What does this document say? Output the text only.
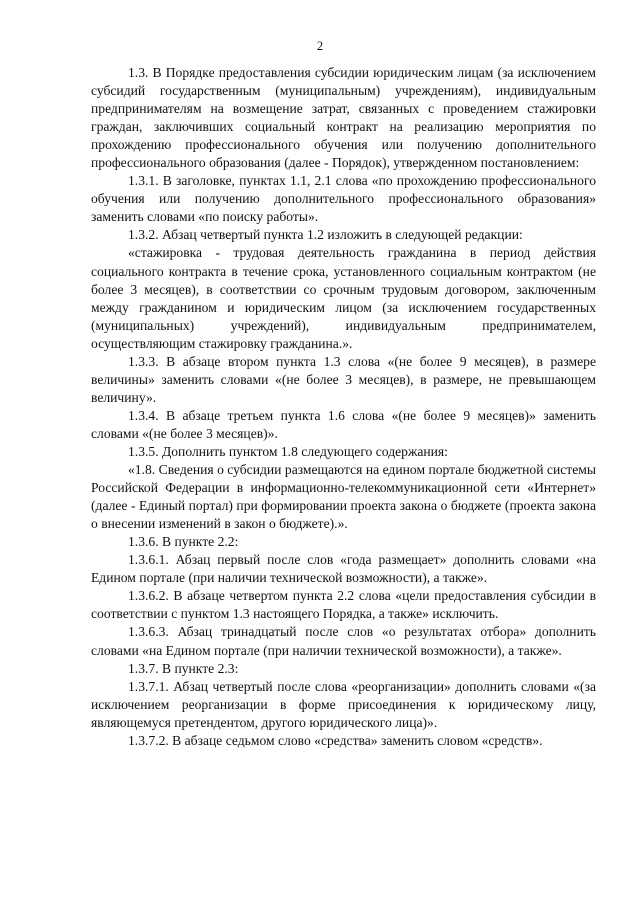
2

1.3. В Порядке предоставления субсидии юридическим лицам (за исключением субсидий государственным (муниципальным) учреждениям), индивидуальным предпринимателям на возмещение затрат, связанных с проведением стажировки граждан, заключивших социальный контракт на реализацию мероприятия по прохождению профессионального обучения или получению дополнительного профессионального образования (далее - Порядок), утвержденном постановлением:

1.3.1. В заголовке, пунктах 1.1, 2.1 слова «по прохождению профессионального обучения или получению дополнительного профессионального образования» заменить словами «по поиску работы».

1.3.2. Абзац четвертый пункта 1.2 изложить в следующей редакции:

«стажировка - трудовая деятельность гражданина в период действия социального контракта в течение срока, установленного социальным контрактом (не более 3 месяцев), в соответствии со срочным трудовым договором, заключенным между гражданином и юридическим лицом (за исключением государственных (муниципальных) учреждений), индивидуальным предпринимателем, осуществляющим стажировку гражданина.».

1.3.3. В абзаце втором пункта 1.3 слова «(не более 9 месяцев), в размере величины» заменить словами «(не более 3 месяцев), в размере, не превышающем величину».

1.3.4. В абзаце третьем пункта 1.6 слова «(не более 9 месяцев)» заменить словами «(не более 3 месяцев)».

1.3.5. Дополнить пунктом 1.8 следующего содержания:

«1.8. Сведения о субсидии размещаются на едином портале бюджетной системы Российской Федерации в информационно-телекоммуникационной сети «Интернет» (далее - Единый портал) при формировании проекта закона о бюджете (проекта закона о внесении изменений в закон о бюджете).».

1.3.6. В пункте 2.2:

1.3.6.1. Абзац первый после слов «года размещает» дополнить словами «на Едином портале (при наличии технической возможности), а также».

1.3.6.2. В абзаце четвертом пункта 2.2 слова «цели предоставления субсидии в соответствии с пунктом 1.3 настоящего Порядка, а также» исключить.

1.3.6.3. Абзац тринадцатый после слов «о результатах отбора» дополнить словами «на Едином портале (при наличии технической возможности), а также».

1.3.7. В пункте 2.3:

1.3.7.1. Абзац четвертый после слова «реорганизации» дополнить словами «(за исключением реорганизации в форме присоединения к юридическому лицу, являющемуся претендентом, другого юридического лица)».

1.3.7.2. В абзаце седьмом слово «средства» заменить словом «средств».
